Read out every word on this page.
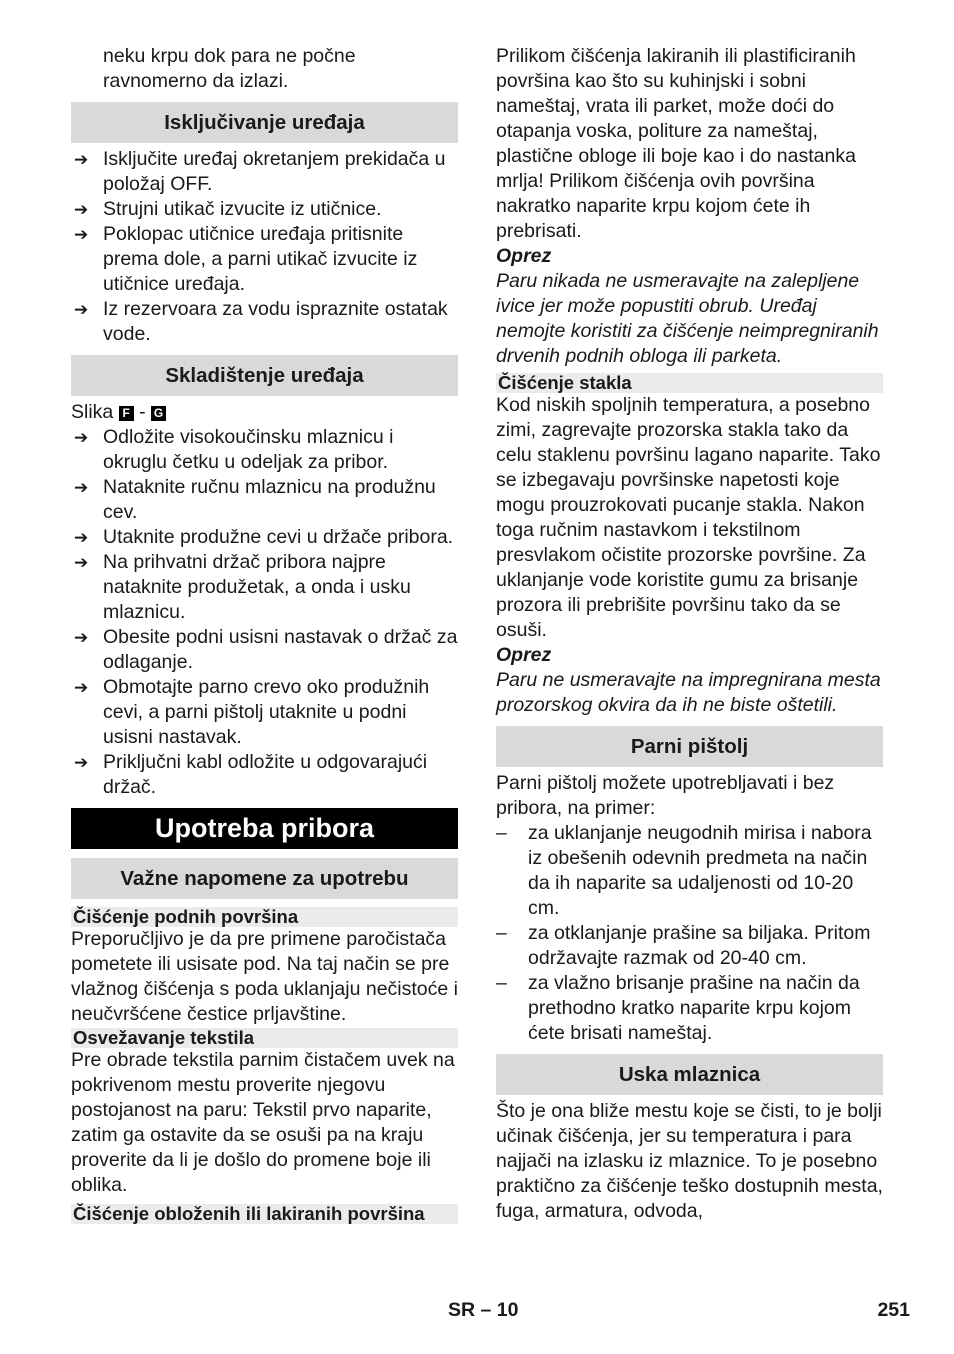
neku krpu dok para ne počne ravnomerno da izlazi.

Isključivanje uređaja
➔ Isključite uređaj okretanjem prekidača u položaj OFF.
➔ Strujni utikač izvucite iz utičnice.
➔ Poklopac utičnice uređaja pritisnite prema dole, a parni utikač izvucite iz utičnice uređaja.
➔ Iz rezervoara za vodu ispraznite ostatak vode.
Skladištenje uređaja

Slika F - G

➔ Odložite visokoučinsku mlaznicu i okruglu četku u odeljak za pribor.
➔ Nataknite ručnu mlaznicu na produžnu cev.
➔ Utaknite produžne cevi u držače pribora.
➔ Na prihvatni držač pribora najpre nataknite produžetak, a onda i usku mlaznicu.
➔ Obesite podni usisni nastavak o držač za odlaganje.
➔ Obmotajte parno crevo oko produžnih cevi, a parni pištolj utaknite u podni usisni nastavak.
➔ Priključni kabl odložite u odgovarajući držač.
Upotreba pribora
Važne napomene za upotrebu
Čišćenje podnih površina

Preporučljivo je da pre primene paročistača pometete ili usisate pod. Na taj način se pre vlažnog čišćenja s poda uklanjaju nečistoće i neučvršćene čestice prljavštine.

Osvežavanje tekstila

Pre obrade tekstila parnim čistačem uvek na pokrivenom mestu proverite njegovu postojanost na paru: Tekstil prvo naparite, zatim ga ostavite da se osuši pa na kraju proverite da li je došlo do promene boje ili oblika.

Čišćenje obloženih ili lakiranih površina

Prilikom čišćenja lakiranih ili plastificiranih površina kao što su kuhinjski i sobni nameštaj, vrata ili parket, može doći do otapanja voska, politure za nameštaj, plastične obloge ili boje kao i do nastanka mrlja! Prilikom čišćenja ovih površina nakratko naparite krpu kojom ćete ih prebrisati.

Oprez

Paru nikada ne usmeravajte na zalepljene ivice jer može popustiti obrub. Uređaj nemojte koristiti za čišćenje neimpregniranih drvenih podnih obloga ili parketa.

Čišćenje stakla

Kod niskih spoljnih temperatura, a posebno zimi, zagrevajte prozorska stakla tako da celu staklenu površinu lagano naparite. Tako se izbegavaju površinske napetosti koje mogu prouzrokovati pucanje stakla. Nakon toga ručnim nastavkom i tekstilnom presvlakom očistite prozorske površine. Za uklanjanje vode koristite gumu za brisanje prozora ili prebrišite površinu tako da se osuši.

Oprez

Paru ne usmeravajte na impregnirana mesta prozorskog okvira da ih ne biste oštetili.

Parni pištolj

Parni pištolj možete upotrebljavati i bez pribora, na primer:

– za uklanjanje neugodnih mirisa i nabora iz obešenih odevnih predmeta na način da ih naparite sa udaljenosti od 10-20 cm.
– za otklanjanje prašine sa biljaka. Pritom održavajte razmak od 20-40 cm.
– za vlažno brisanje prašine na način da prethodno kratko naparite krpu kojom ćete brisati nameštaj.
Uska mlaznica

Što je ona bliže mestu koje se čisti, to je bolji učinak čišćenja, jer su temperatura i para najjači na izlasku iz mlaznice. To je posebno praktično za čišćenje teško dostupnih mesta, fuga, armatura, odvoda,

SR – 10	251
